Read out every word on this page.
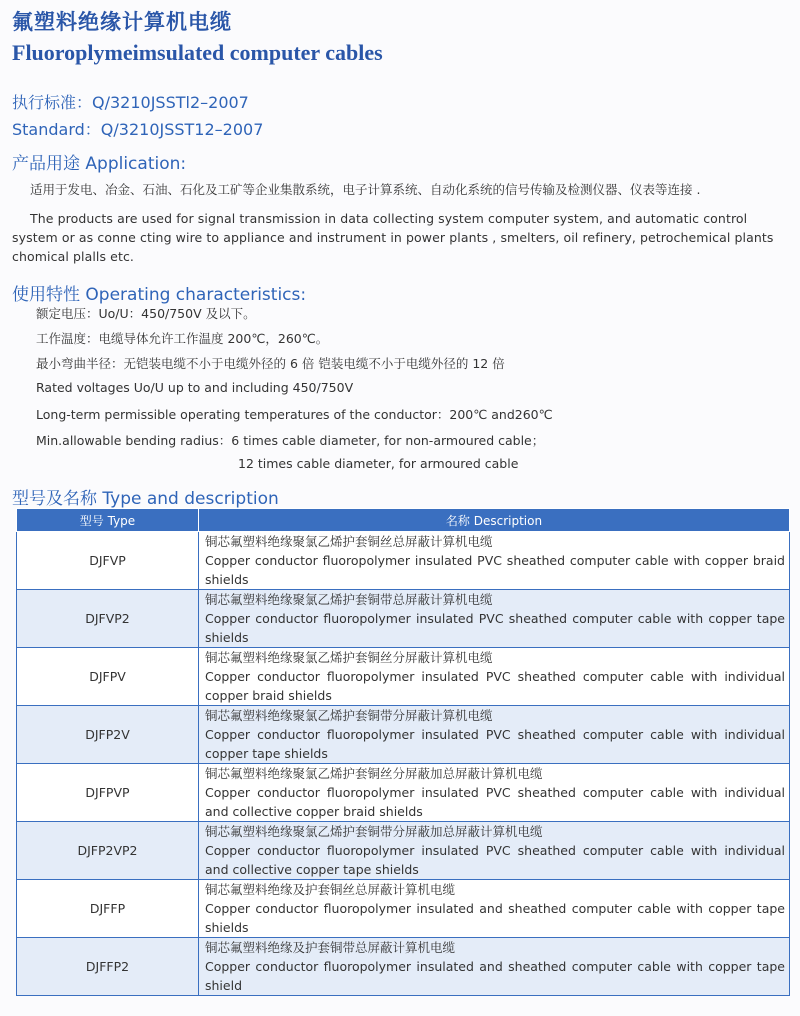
氟塑料绝缘计算机电缆
Fluoroplymeimsulated computer cables
执行标准：Q/3210JSSTl2–2007
Standard：Q/3210JSST12–2007
产品用途 Application:
适用于发电、冶金、石油、石化及工矿等企业集散系统，电子计算系统、自动化系统的信号传输及检测仪器、仪表等连接 .
The products are used for signal transmission in data collecting system computer system, and automatic control system or as conne cting wire to appliance and instrument in power plants , smelters, oil refinery, petrochemical plants chomical plalls etc.
使用特性 Operating characteristics:
额定电压：Uo/U：450/750V 及以下。
工作温度：电缆导体允许工作温度 200℃，260℃。
最小弯曲半径：无铠装电缆不小于电缆外径的 6 倍 铠装电缆不小于电缆外径的 12 倍
Rated voltages Uo/U up to and including 450/750V
Long-term permissible operating temperatures of the conductor：200℃ and260℃
Min.allowable bending radius：6 times cable diameter, for non-armoured cable；
12 times cable diameter, for armoured cable
型号及名称 Type and description
型号 Type	名称 Description
DJFVP	铜芯氟塑料绝缘聚氯乙烯护套铜丝总屏蔽计算机电缆
Copper conductor fluoropolymer insulated PVC sheathed computer cable with copper braid shields

DJFVP2	铜芯氟塑料绝缘聚氯乙烯护套铜带总屏蔽计算机电缆
Copper conductor fluoropolymer insulated PVC sheathed computer cable with copper tape shields

DJFPV	铜芯氟塑料绝缘聚氯乙烯护套铜丝分屏蔽计算机电缆
Copper conductor fluoropolymer insulated PVC sheathed computer cable with individual copper braid shields

DJFP2V	铜芯氟塑料绝缘聚氯乙烯护套铜带分屏蔽计算机电缆
Copper conductor fluoropolymer insulated PVC sheathed computer cable with individual copper tape shields

DJFPVP	铜芯氟塑料绝缘聚氯乙烯护套铜丝分屏蔽加总屏蔽计算机电缆
Copper conductor fluoropolymer insulated PVC sheathed computer cable with individual and collective copper braid shields

DJFP2VP2	铜芯氟塑料绝缘聚氯乙烯护套铜带分屏蔽加总屏蔽计算机电缆
Copper conductor fluoropolymer insulated PVC sheathed computer cable with individual and collective copper tape shields

DJFFP	铜芯氟塑料绝缘及护套铜丝总屏蔽计算机电缆
Copper conductor fluoropolymer insulated and sheathed computer cable with copper tape shields

DJFFP2	铜芯氟塑料绝缘及护套铜带总屏蔽计算机电缆
Copper conductor fluoropolymer insulated and sheathed computer cable with copper tape shield
